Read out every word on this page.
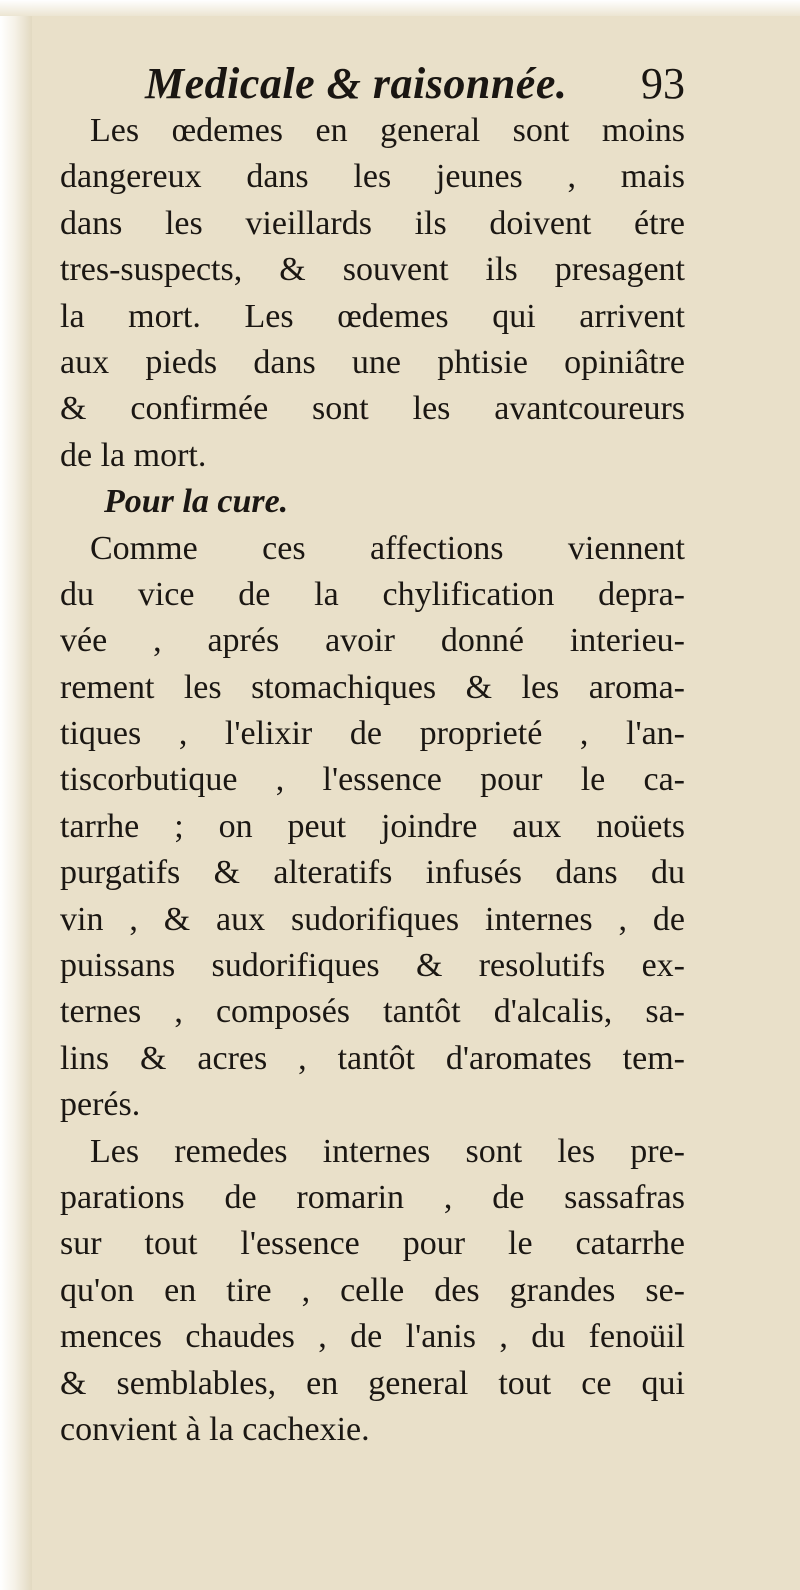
Medicale & raisonnée. 93
Les œdemes en general sont moins
dangereux dans les jeunes , mais
dans les vieillards ils doivent étre
tres-suspects, & souvent ils presagent
la mort. Les œdemes qui arrivent
aux pieds dans une phtisie opiniâtre
& confirmée sont les avantcoureurs
de la mort.
Pour la cure.
Comme ces affections viennent
du vice de la chylification depra-
vée , aprés avoir donné interieu-
rement les stomachiques & les aroma-
tiques , l'elixir de proprieté , l'an-
tiscorbutique , l'essence pour le ca-
tarrhe ; on peut joindre aux noüets
purgatifs & alteratifs infusés dans du
vin , & aux sudorifiques internes , de
puissans sudorifiques & resolutifs ex-
ternes , composés tantôt d'alcalis, sa-
lins & acres , tantôt d'aromates tem-
perés.
Les remedes internes sont les pre-
parations de romarin , de sassafras
sur tout l'essence pour le catarrhe
qu'on en tire , celle des grandes se-
mences chaudes , de l'anis , du fenoüil
& semblables, en general tout ce qui
convient à la cachexie.
